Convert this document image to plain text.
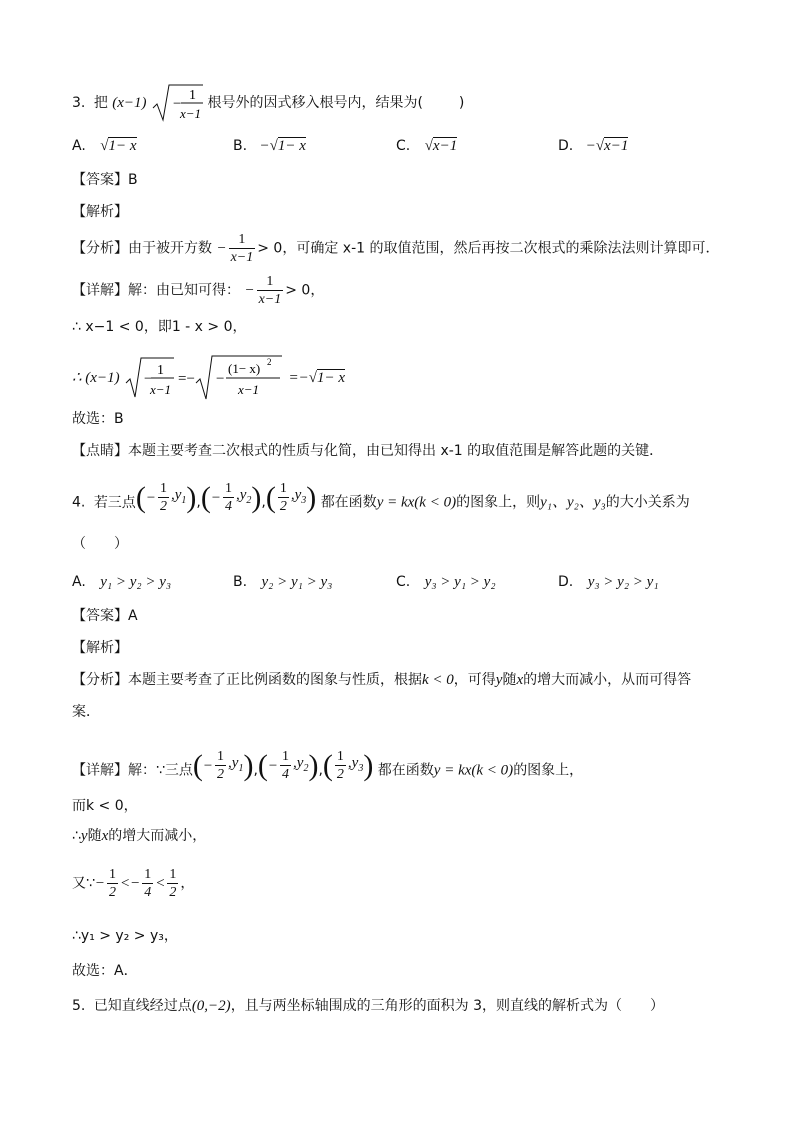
3. 把 (x−1) −
1
x−1
根号外的因式移入根号内，结果为(	)
A. √1− x	B. −√1− x	C. √x−1	D. −√x−1
【答案】B
【解析】
【分析】由于被开方数 − $\frac{1}{x-1} > 0$，可确定 x-1 的取值范围，然后再按二次根式的乘除法法则计算即可．
【详解】解：由已知可得： − $\frac{1}{x-1} > 0$，
∴ x−1 < 0，即1 - x > 0，
∴ (x−1) −
1
x−1
=− −
(1− x) 2
x−1
=−√1− x
故选：B
【点睛】本题主要考查二次根式的性质与化简，由已知得出 x-1 的取值范围是解答此题的关键．
4. 若三点 ( − $\frac{1}{2} ,y_1$ ) , ( − $\frac{1}{4} ,y_2$ ) , ( $\frac{1}{2} ,y_3$ ) 都在函数y = kx(k < 0)的图象上，则y₁、y₂、y₃的大小关系为
（　　）
A. y₁ > y₂ > y₃	B. y₂ > y₁ > y₃	C. y₃ > y₁ > y₂	D. y₃ > y₂ > y₁
【答案】A
【解析】
【分析】本题主要考查了正比例函数的图象与性质，根据k < 0，可得y随x的增大而减小，从而可得答
案．
【详解】解：∵三点 ( − $\frac{1}{2} ,y_1$ ) , ( − $\frac{1}{4} ,y_2$ ) , ( $\frac{1}{2} ,y_3$ ) 都在函数y = kx(k < 0)的图象上，
而k < 0，
∴y随x的增大而减小，
又∵− $\frac{1}{2} <- \frac{1}{4} < \frac{1}{2}$ ，
∴y₁ > y₂ > y₃，
故选：A．
5. 已知直线经过点(0,−2)，且与两坐标轴围成的三角形的面积为 3，则直线的解析式为（　　）
